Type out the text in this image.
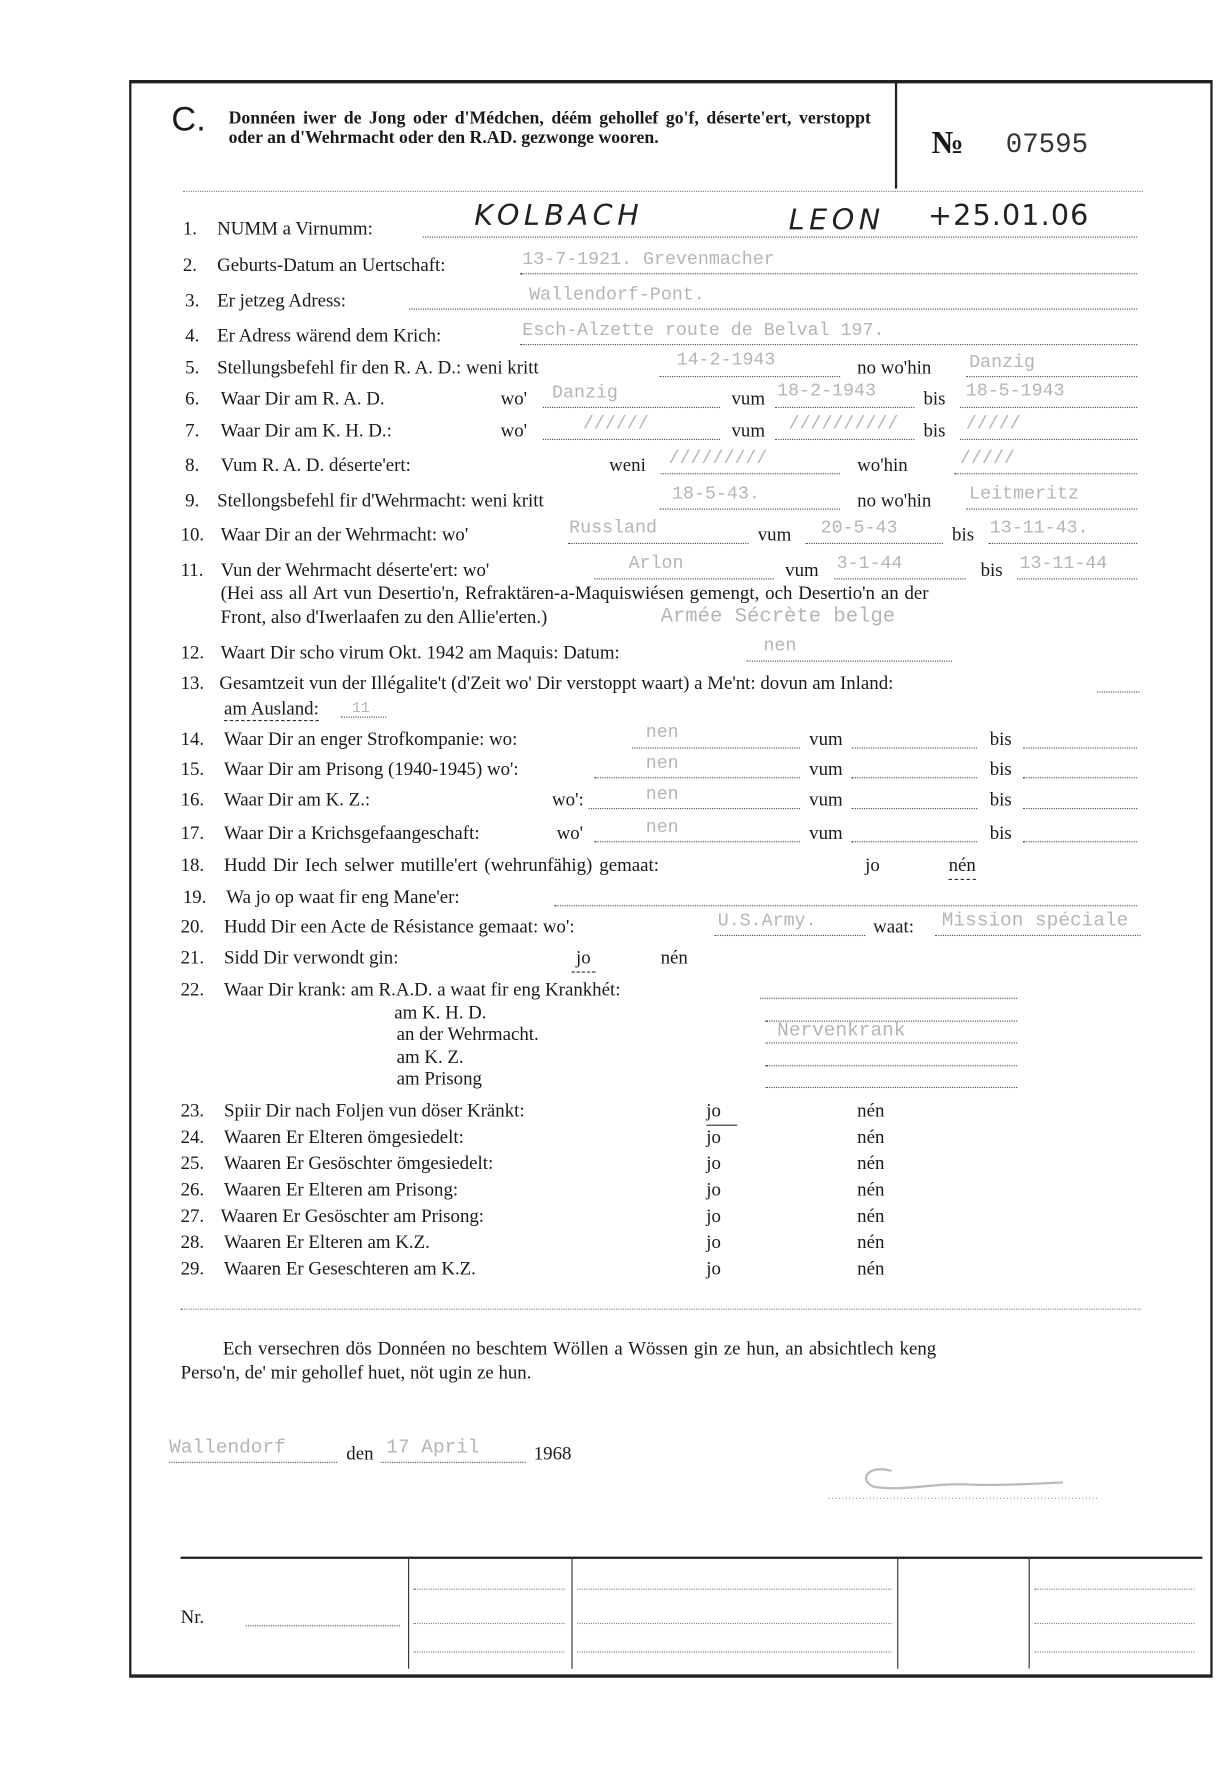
C. Donnéen iwer de Jong oder d'Médchen, déém gehollef go'f, déserte'ert, verstoppt oder an d'Wehrmacht oder den R.AD. gezwonge wooren.	№ 07595
1. NUMM a Virnumm:	KOLBACH	LEON +25.01.06
2. Geburts-Datum an Uertschaft:	13-7-1921. Grevenmacher
3. Er jetzeg Adress:	Wallendorf-Pont.
4. Er Adress wärend dem Krich:	Esch-Alzette route de Belval 197.
5. Stellungsbefehl fir den R. A. D.: weni kritt	14-2-1943	no wo'hin Danzig
6. Waar Dir am R. A. D.	wo' Danzig	vum 18-2-1943	bis 18-5-1943
7. Waar Dir am K. H. D.:	wo'	//////	vum ////////// bis /////
8. Vum R. A. D. déserte'ert:	weni /////////	wo'hin	/////
9. Stellongsbefehl fir d'Wehrmacht: weni kritt	18-5-43.	no wo'hin Leitmeritz
10. Waar Dir an der Wehrmacht: wo'	Russland	vum 20-5-43	bis 13-11-43.
11. Vun der Wehrmacht déserte'ert: wo'	Arlon	vum 3-1-44	bis 13-11-44
(Hei ass all Art vun Desertio'n, Refraktären-a-Maquiswiésen gemengt, och Desertio'n an der
Front, also d'Iwerlaafen zu den Allie'erten.)	Armée Sécrète belge
12. Waart Dir scho virum Okt. 1942 am Maquis: Datum:	nen
13. Gesamtzeit vun der Illégalite't (d'Zeit wo' Dir verstoppt waart) a Me'nt: dovun am Inland:
am Ausland:	11
14. Waar Dir an enger Strofkompanie: wo:	nen	vum	bis
15. Waar Dir am Prisong (1940-1945) wo':	nen	vum	bis
16. Waar Dir am K. Z.:	wo':	nen	vum	bis
17. Waar Dir a Krichsgefaangeschaft:	wo'	nen	vum	bis
18. Hudd Dir Iech selwer mutille'ert (wehrunfähig) gemaat:	jo	nén
19. Wa jo op waat fir eng Mane'er:
20. Hudd Dir een Acte de Résistance gemaat: wo':	U.S.Army.	waat: Mission spéciale
21. Sidd Dir verwondt gin:	jo	nén
22. Waar Dir krank: am R.A.D. a waat fir eng Krankhét:
am K. H. D.
an der Wehrmacht.	Nervenkrank
am K. Z.
am Prisong
23. Spiir Dir nach Foljen vun döser Kränkt:	jo	nén
24. Waaren Er Elteren ömgesiedelt:	jo	nén
25. Waaren Er Gesöschter ömgesiedelt:	jo	nén
26. Waaren Er Elteren am Prisong:	jo	nén
27. Waaren Er Gesöschter am Prisong:	jo	nén
28. Waaren Er Elteren am K.Z.	jo	nén
29. Waaren Er Geseschteren am K.Z.	jo	nén
Ech versechren dös Donnéen no beschtem Wöllen a Wössen gin ze hun, an absichtlech keng
Perso'n, de' mir gehollef huet, nöt ugin ze hun.
Wallendorf	den 17 April	1968
Nr.
